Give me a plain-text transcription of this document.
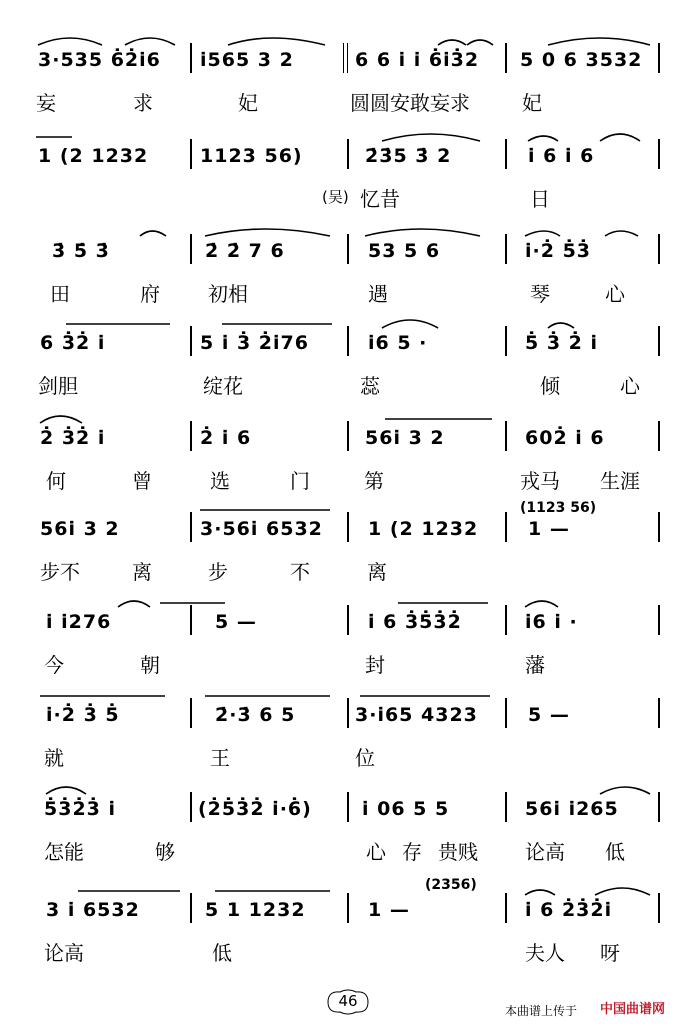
3·535 6̇2̇i̇6 i̇565 3 2	6 6 i̇ i̇ 6̇i̇3̇2 5 0 6 3532
妄	求	妃	圆圆安敢妄求	妃
1 (2 1232	1123 56)	2̇3̇5 3̇ 2	i̇ 6 i̇ 6
(吴) 忆昔	日
3̇ 5̇ 3̇	2̇ 2̇ 7 6	53 5 6	i̇·2̇ 5̇3̇
田	府 初相	遇	琴	心
6 3̇2̇ i̇	5 i̇ 3̇ 2̇i̇76	i̇6 5 ·	5̇ 3̇ 2̇ i̇
剑胆	绽花	蕊	倾	心
2̇ 3̇2̇ i̇	2̇ i̇ 6	56i̇ 3 2	602̇ i̇ 6
何	曾	选	门	第	戎马 生涯
(1123 56)
56i̇ 3 2	3·56i̇ 6532 1 (2 1232	1 —
步不	离	步	不	离
i̇ i̇276	5 —	i̇ 6 3̇5̇3̇2̇	i̇6 i̇ ·
今	朝	封	藩
i̇·2̇ 3̇ 5̇	2̇·3̇ 6 5	3·i̇65 4323	5 —
就	王	位
5̇3̇2̇3̇ i̇	(2̇5̇3̇2̇ i̇·6̇)	i̇ 06 5 5	56i̇ i̇265
怎能	够	心 存 贵贱 论高 低
(2356)
3 i̇ 6532	5 1 1232	1 —	i̇ 6 2̇3̇2̇i̇
论高	低	夫人 呀
46
本曲谱上传于 中国曲谱网
